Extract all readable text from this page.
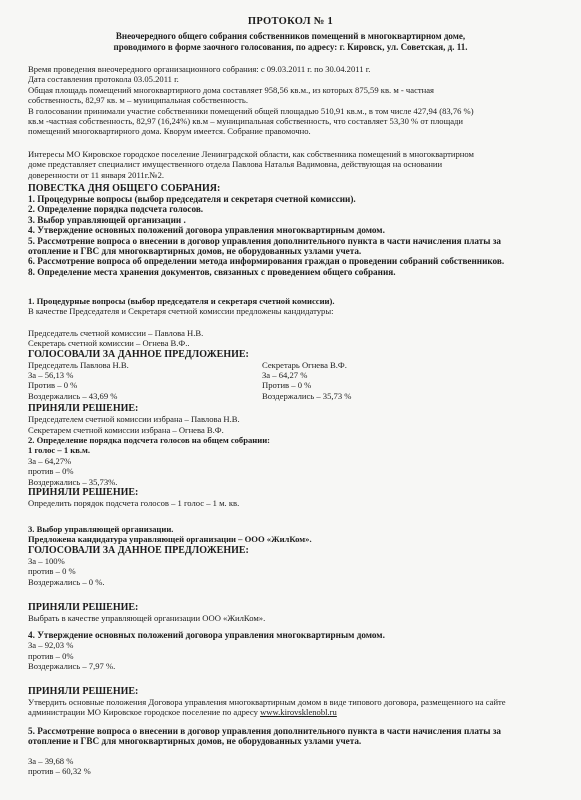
ПРОТОКОЛ № 1

Внеочередного общего собрания собственников помещений в многоквартирном доме,

проводимого в форме заочного голосования, по адресу: г. Кировск, ул. Советская, д. 11.

Время проведения внеочередного организационного собрания: с 09.03.2011 г. по 30.04.2011 г.

Дата составления протокола 03.05.2011 г.

Общая площадь помещений многоквартирного дома составляет 958,56 кв.м., из которых 875,59 кв. м - частная

собственность, 82,97 кв. м – муниципальная собственность.

В голосовании принимали участие собственники помещений общей площадью 510,91 кв.м., в том числе 427,94 (83,76 %)

кв.м -частная собственность, 82,97 (16,24%) кв.м – муниципальная собственность, что составляет 53,30 % от площади

помещений многоквартирного дома. Кворум имеется. Собрание правомочно.

Интересы МО Кировское городское поселение Ленинградской области, как собственника помещений в многоквартирном

доме представляет специалист имущественного отдела Павлова Наталья Вадимовна, действующая на основании

доверенности от 11 января 2011г.№2.

ПОВЕСТКА ДНЯ ОБЩЕГО СОБРАНИЯ:

1. Процедурные вопросы (выбор председателя и секретаря счетной комиссии).

2. Определение порядка подсчета голосов.

3. Выбор управляющей организации .

4. Утверждение основных положений договора управления многоквартирным домом.

5. Рассмотрение вопроса о внесении в договор управления дополнительного пункта в части начисления платы за

отопление и ГВС для многоквартирных домов, не оборудованных узлами учета.

6. Рассмотрение вопроса об определении метода информирования граждан о проведении собраний собственников.

8. Определение места хранения документов, связанных с проведением общего собрания.

1. Процедурные вопросы (выбор председателя и секретаря счетной комиссии).

В качестве Председателя и Секретаря счетной комиссии предложены кандидатуры:

Председатель счетной комиссии – Павлова Н.В.

Секретарь счетной комиссии – Огнева В.Ф..

ГОЛОСОВАЛИ ЗА ДАННОЕ ПРЕДЛОЖЕНИЕ:

Председатель Павлова Н.В.

За – 56,13 %

Против – 0 %

Воздержались – 43,69 %

Секретарь Огнева В.Ф.

За – 64,27 %

Против – 0 %

Воздержались – 35,73 %

ПРИНЯЛИ РЕШЕНИЕ:

Председателем счетной комиссии избрана – Павлова Н.В.

Секретарем счетной комиссии избрана – Огнева В.Ф.

2. Определение порядка подсчета голосов на общем собрании:

1 голос – 1 кв.м.

За – 64,27%

против – 0%

Воздержались – 35,73%.

ПРИНЯЛИ РЕШЕНИЕ:

Определить порядок подсчета голосов – 1 голос – 1 м. кв.

3. Выбор управляющей организации.

Предложена кандидатура управляющей организации – ООО «ЖилКом».

ГОЛОСОВАЛИ ЗА ДАННОЕ ПРЕДЛОЖЕНИЕ:

За – 100%

против – 0 %

Воздержались – 0 %.

ПРИНЯЛИ РЕШЕНИЕ:

Выбрать в качестве управляющей организации ООО «ЖилКом».

4. Утверждение основных положений договора управления многоквартирным домом.

За – 92,03 %

против – 0%

Воздержались – 7,97 %.

ПРИНЯЛИ РЕШЕНИЕ:

Утвердить основные положения Договора управления многоквартирным домом в виде типового договора, размещенного на сайте

администрации МО Кировское городское поселение по адресу www.kirovsklenobl.ru

5. Рассмотрение вопроса о внесении в договор управления дополнительного пункта в части начисления платы за

отопление и ГВС для многоквартирных домов, не оборудованных узлами учета.

За – 39,68 %

против – 60,32 %
